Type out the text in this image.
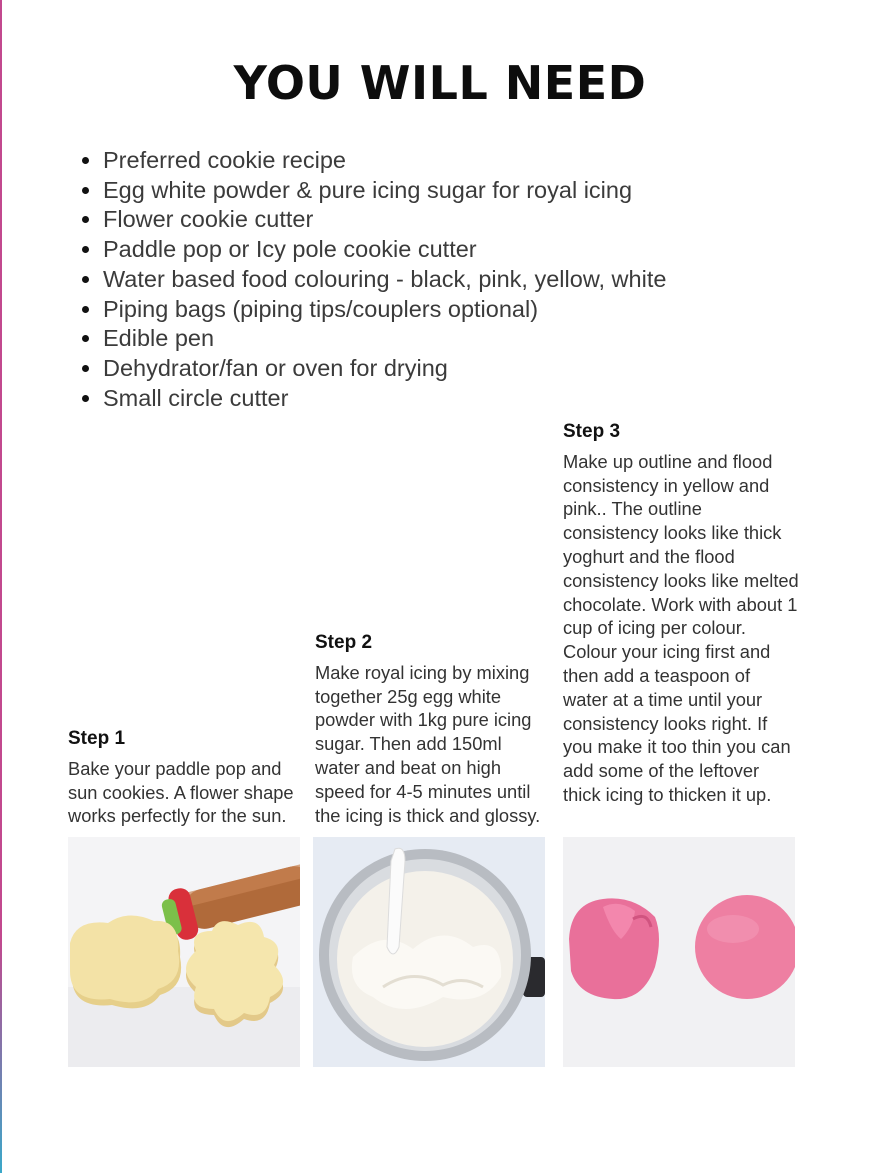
YOU WILL NEED
• Preferred cookie recipe
• Egg white powder & pure icing sugar for royal icing
• Flower cookie cutter
• Paddle pop or Icy pole cookie cutter
• Water based food colouring - black, pink, yellow, white
• Piping bags (piping tips/couplers optional)
• Edible pen
• Dehydrator/fan or oven for drying
• Small circle cutter
Step 1

Bake your paddle pop and sun cookies. A flower shape works perfectly for the sun.

Step 2

Make royal icing by mixing together 25g egg white powder with 1kg pure icing sugar. Then add 150ml water and beat on high speed for 4-5 minutes until the icing is thick and glossy.

Step 3

Make up outline and flood consistency in yellow and pink.. The outline consistency looks like thick yoghurt and the flood consistency looks like melted chocolate. Work with about 1 cup of icing per colour. Colour your icing first and then add a teaspoon of water at a time until your consistency looks right. If you make it too thin you can add some of the leftover thick icing to thicken it up.
